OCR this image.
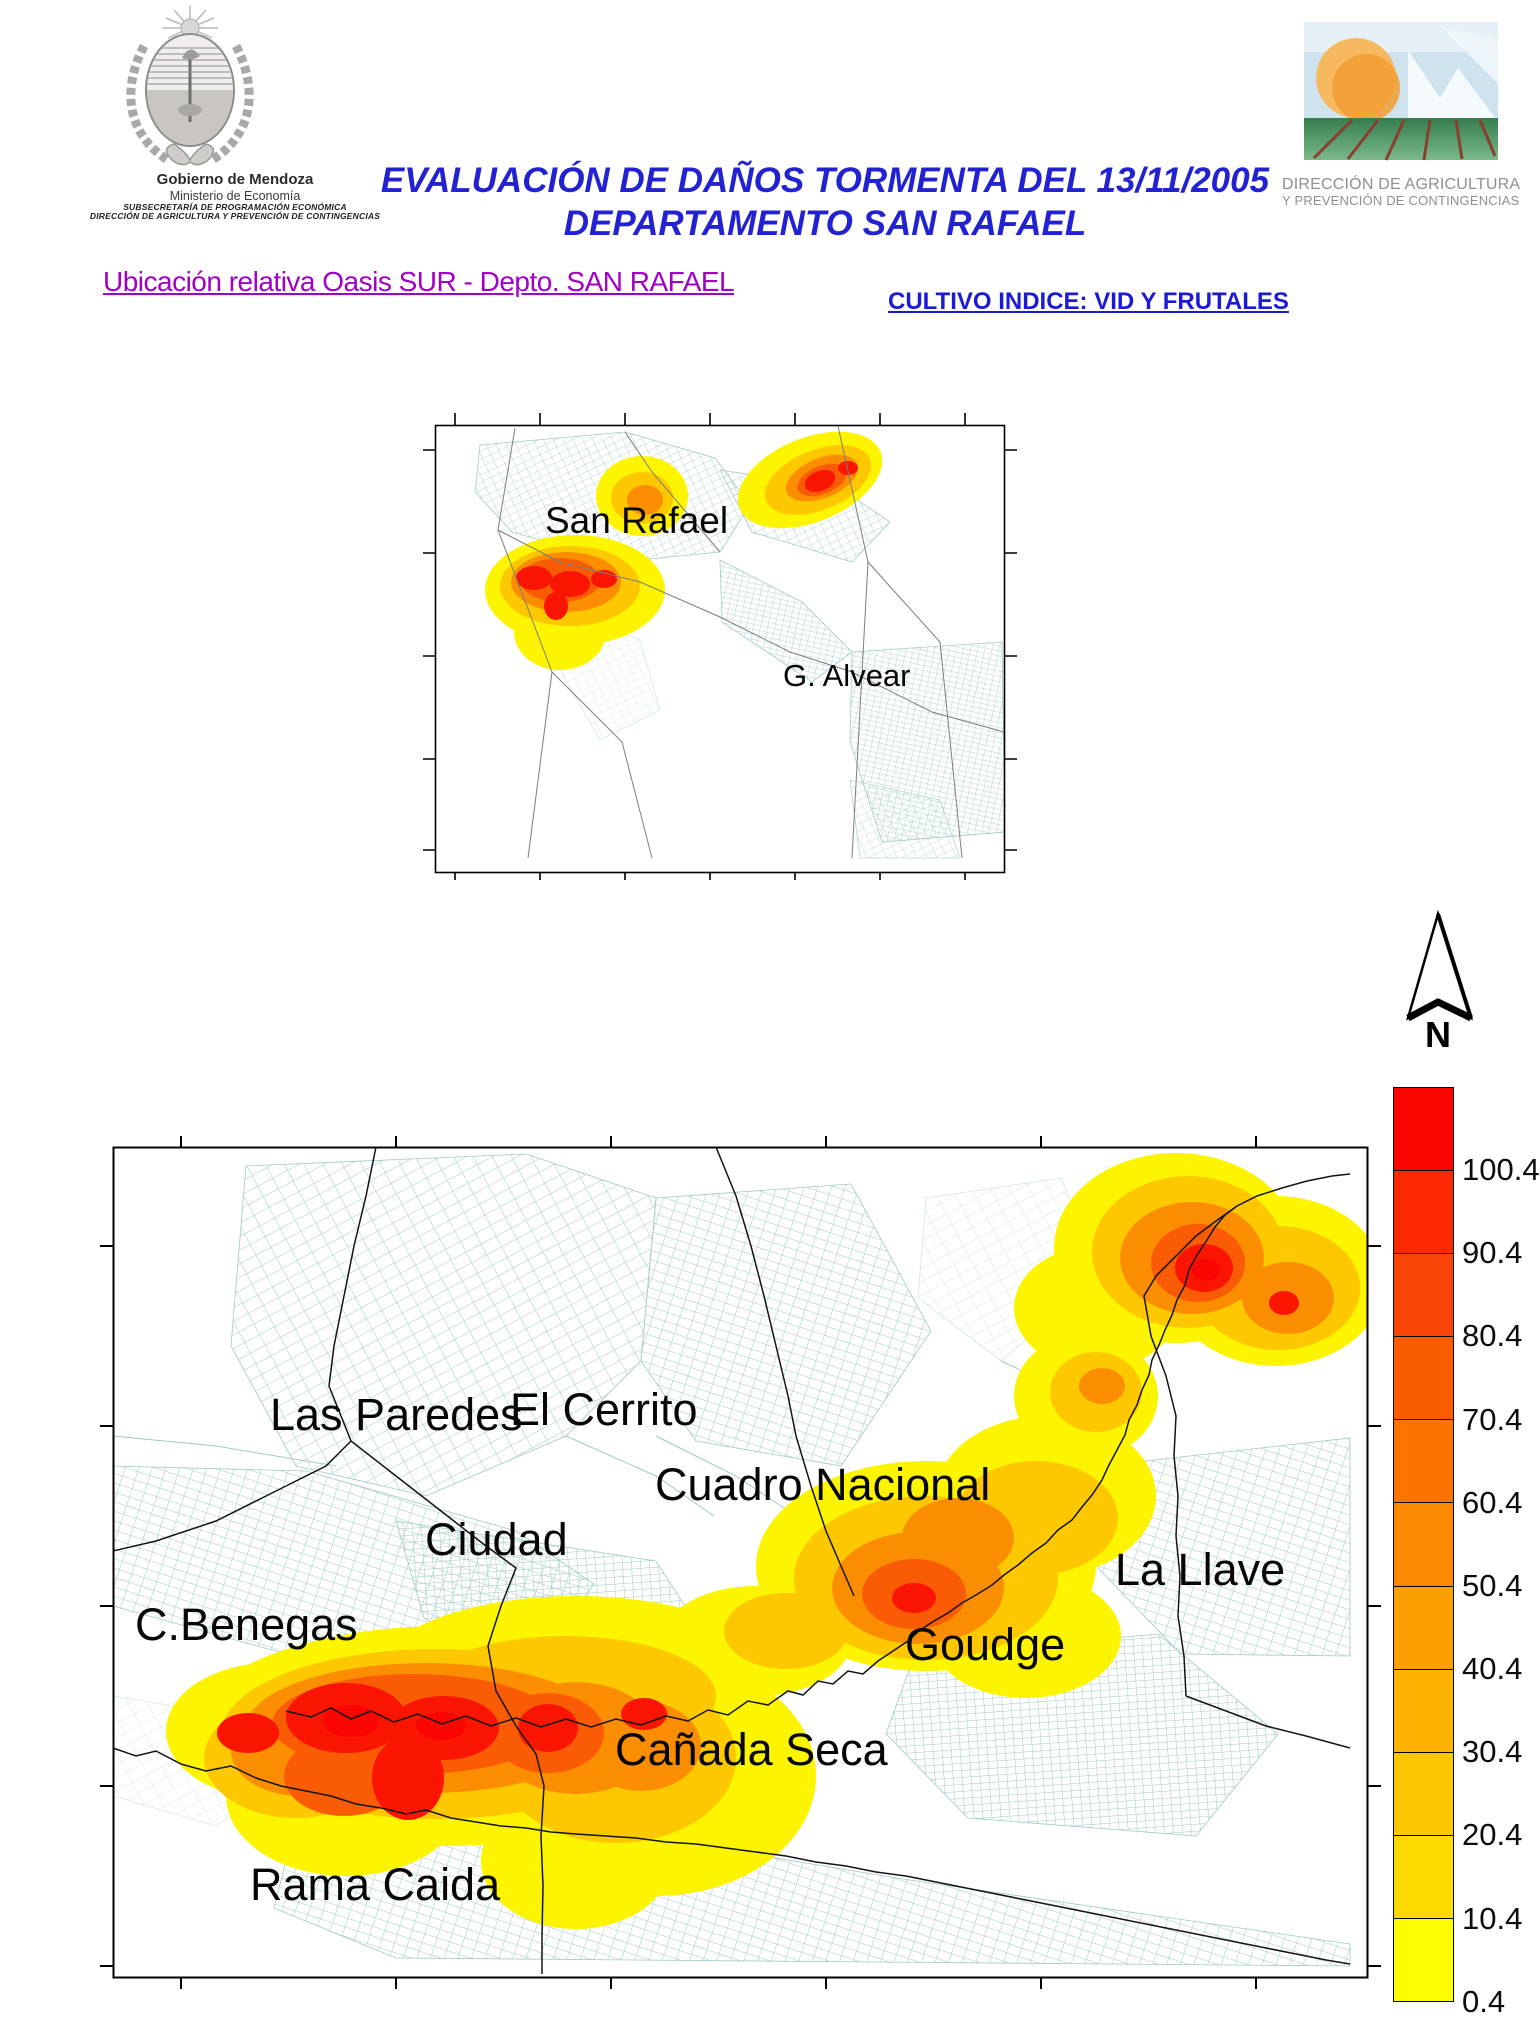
Gobierno de Mendoza
Ministerio de Economía
SUBSECRETARÍA DE PROGRAMACIÓN ECONÓMICA
DIRECCIÓN DE AGRICULTURA Y PREVENCIÓN DE CONTINGENCIAS
EVALUACIÓN DE DAÑOS TORMENTA DEL 13/11/2005
DEPARTAMENTO SAN RAFAEL
DIRECCIÓN DE AGRICULTURA
Y PREVENCIÓN DE CONTINGENCIAS
Ubicación relativa Oasis SUR - Depto. SAN RAFAEL
CULTIVO INDICE: VID Y FRUTALES
San Rafael
G. Alvear
N
Las Paredes
El Cerrito
Cuadro Nacional
Ciudad
C.Benegas
La Llave
Goudge
Cañada Seca
Rama Caida
100.4
90.4
80.4
70.4
60.4
50.4
40.4
30.4
20.4
10.4
0.4
